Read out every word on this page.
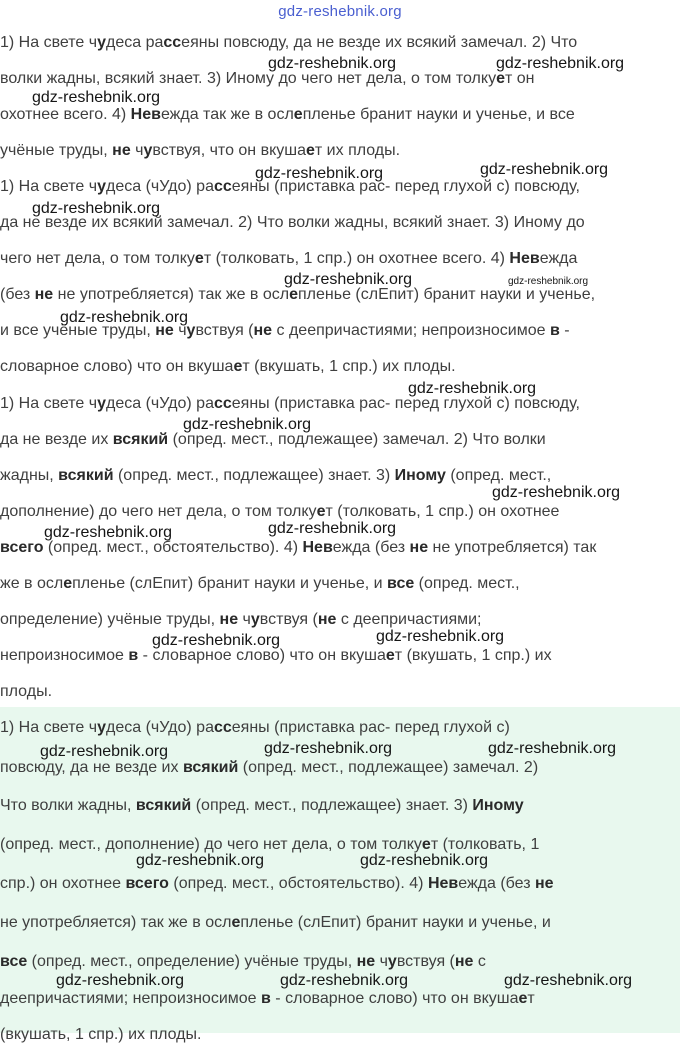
gdz-reshebnik.org
1) На свете чудеса рассеяны повсюду, да не везде их всякий замечал. 2) Что
волки жадны, всякий знает. 3) Иному до чего нет дела, о том толкует он
охотнее всего. 4) Невежда так же в ослепленье бранит науки и ученье, и все
учёные труды, не чувствуя, что он вкушает их плоды.
1) На свете чудеса (чУдо) рассеяны (приставка рас- перед глухой с) повсюду,
да не везде их всякий замечал. 2) Что волки жадны, всякий знает. 3) Иному до
чего нет дела, о том толкует (толковать, 1 спр.) он охотнее всего. 4) Невежда
(без не не употребляется) так же в ослепленье (слЕпит) бранит науки и ученье,
и все учёные труды, не чувствуя (не с деепричастиями; непроизносимое в -
словарное слово) что он вкушает (вкушать, 1 спр.) их плоды.
1) На свете чудеса (чУдо) рассеяны (приставка рас- перед глухой с) повсюду,
да не везде их всякий (опред. мест., подлежащее) замечал. 2) Что волки
жадны, всякий (опред. мест., подлежащее) знает. 3) Иному (опред. мест.,
дополнение) до чего нет дела, о том толкует (толковать, 1 спр.) он охотнее
всего (опред. мест., обстоятельство). 4) Невежда (без не не употребляется) так
же в ослепленье (слЕпит) бранит науки и ученье, и все (опред. мест.,
определение) учёные труды, не чувствуя (не с деепричастиями;
непроизносимое в - словарное слово) что он вкушает (вкушать, 1 спр.) их
плоды.
1) На свете чудеса (чУдо) рассеяны (приставка рас- перед глухой с)
повсюду, да не везде их всякий (опред. мест., подлежащее) замечал. 2)
Что волки жадны, всякий (опред. мест., подлежащее) знает. 3) Иному
(опред. мест., дополнение) до чего нет дела, о том толкует (толковать, 1
спр.) он охотнее всего (опред. мест., обстоятельство). 4) Невежда (без не
не употребляется) так же в ослепленье (слЕпит) бранит науки и ученье, и
все (опред. мест., определение) учёные труды, не чувствуя (не с
деепричастиями; непроизносимое в - словарное слово) что он вкушает
(вкушать, 1 спр.) их плоды.
gdz-reshebnik.org	gdz-reshebnik.org
gdz-reshebnik.org
gdz-reshebnik.org
gdz-reshebnik.org
gdz-reshebnik.org
gdz-reshebnik.org	gdz-reshebnik.org
gdz-reshebnik.org
gdz-reshebnik.org
gdz-reshebnik.org
gdz-reshebnik.org
gdz-reshebnik.org
gdz-reshebnik.org
gdz-reshebnik.org	gdz-reshebnik.org
gdz-reshebnik.org	gdz-reshebnik.org	gdz-reshebnik.org
gdz-reshebnik.org	gdz-reshebnik.org
gdz-reshebnik.org	gdz-reshebnik.org	gdz-reshebnik.org
